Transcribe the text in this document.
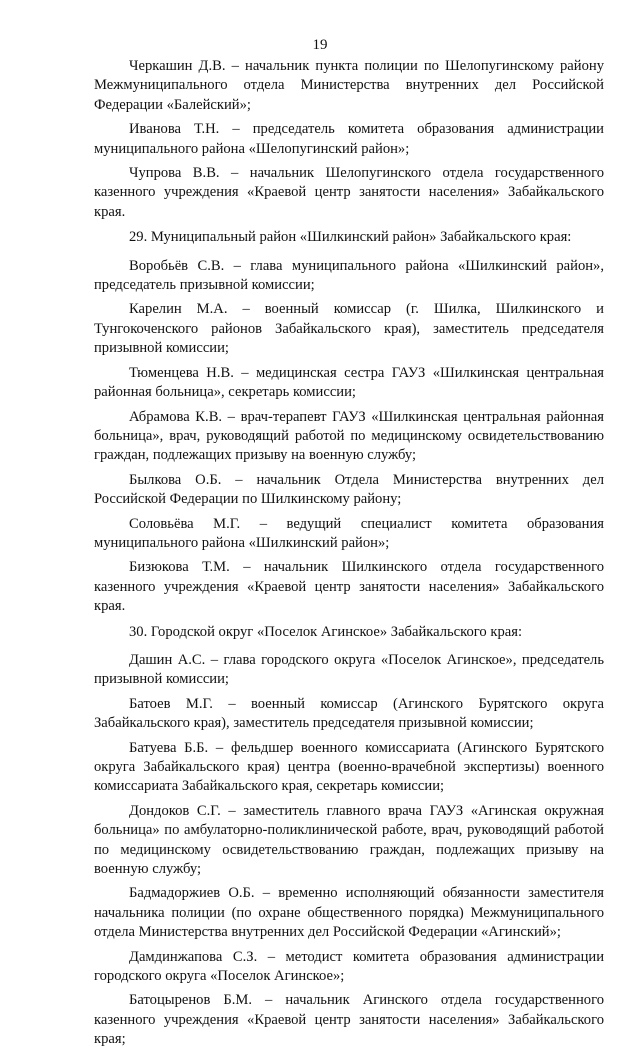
19

Черкашин Д.В. – начальник пункта полиции по Шелопугинскому району Межмуниципального отдела Министерства внутренних дел Российской Федерации «Балейский»;

Иванова Т.Н. – председатель комитета образования администрации муниципального района «Шелопугинский район»;

Чупрова В.В. – начальник Шелопугинского отдела государственного казенного учреждения «Краевой центр занятости населения» Забайкальского края.

29. Муниципальный район «Шилкинский район» Забайкальского края:

Воробьёв С.В. – глава муниципального района «Шилкинский район», председатель призывной комиссии;

Карелин М.А. – военный комиссар (г. Шилка, Шилкинского и Тунгокоченского районов Забайкальского края), заместитель председателя призывной комиссии;

Тюменцева Н.В. – медицинская сестра ГАУЗ «Шилкинская центральная районная больница», секретарь комиссии;

Абрамова К.В. – врач-терапевт ГАУЗ «Шилкинская центральная районная больница», врач, руководящий работой по медицинскому освидетельствованию граждан, подлежащих призыву на военную службу;

Былкова О.Б. – начальник Отдела Министерства внутренних дел Российской Федерации по Шилкинскому району;

Соловьёва М.Г. – ведущий специалист комитета образования муниципального района «Шилкинский район»;

Бизюкова Т.М. – начальник Шилкинского отдела государственного казенного учреждения «Краевой центр занятости населения» Забайкальского края.

30. Городской округ «Поселок Агинское» Забайкальского края:

Дашин А.С. – глава городского округа «Поселок Агинское», председатель призывной комиссии;

Батоев М.Г. – военный комиссар (Агинского Бурятского округа Забайкальского края), заместитель председателя призывной комиссии;

Батуева Б.Б. – фельдшер военного комиссариата (Агинского Бурятского округа Забайкальского края) центра (военно-врачебной экспертизы) военного комиссариата Забайкальского края, секретарь комиссии;

Дондоков С.Г. – заместитель главного врача ГАУЗ «Агинская окружная больница» по амбулаторно-поликлинической работе, врач, руководящий работой по медицинскому освидетельствованию граждан, подлежащих призыву на военную службу;

Бадмадоржиев О.Б. – временно исполняющий обязанности заместителя начальника полиции (по охране общественного порядка) Межмуниципального отдела Министерства внутренних дел Российской Федерации «Агинский»;

Дамдинжапова С.З. – методист комитета образования администрации городского округа «Поселок Агинское»;

Батоцыренов Б.М. – начальник Агинского отдела государственного казенного учреждения «Краевой центр занятости населения» Забайкальского края;
